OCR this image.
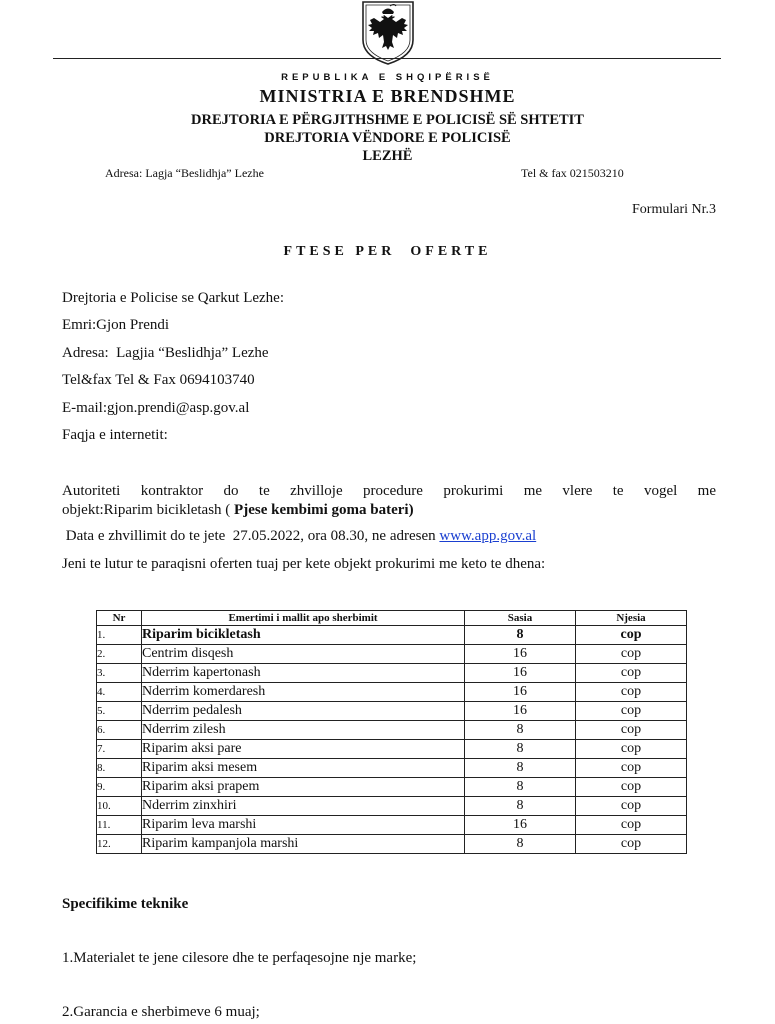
REPUBLIKA E SHQIPËRISË
MINISTRIA E BRENDSHME
DREJTORIA E PËRGJITHSHME E POLICISË SË SHTETIT
DREJTORIA VËNDORE E POLICISË
LEZHË
Adresa: Lagja “Beslidhja” Lezhe	Tel & fax 021503210
Formulari Nr.3
FTESE PER  OFERTE
Drejtoria e Policise se Qarkut Lezhe:
Emri:Gjon Prendi
Adresa:  Lagjia “Beslidhja” Lezhe
Tel&fax Tel & Fax 0694103740
E-mail:gjon.prendi@asp.gov.al
Faqja e internetit:
Autoriteti kontraktor do te zhvilloje procedure prokurimi me vlere te vogel me
objekt:Riparim bicikletash ( Pjese kembimi goma bateri)
Data e zhvillimit do te jete  27.05.2022, ora 08.30, ne adresen www.app.gov.al
Jeni te lutur te paraqisni oferten tuaj per kete objekt prokurimi me keto te dhena:
Nr	Emertimi i mallit apo sherbimit	Sasia	Njesia
1.	Riparim bicikletash	8	cop
2.	Centrim disqesh	16	cop
3.	Nderrim kapertonash	16	cop
4.	Nderrim komerdaresh	16	cop
5.	Nderrim pedalesh	16	cop
6.	Nderrim zilesh	8	cop
7.	Riparim aksi pare	8	cop
8.	Riparim aksi mesem	8	cop
9.	Riparim aksi prapem	8	cop
10.	Nderrim zinxhiri	8	cop
11.	Riparim leva marshi	16	cop
12.	Riparim kampanjola marshi	8	cop
Specifikime teknike
1.Materialet te jene cilesore dhe te perfaqesojne nje marke;
2.Garancia e sherbimeve 6 muaj;
